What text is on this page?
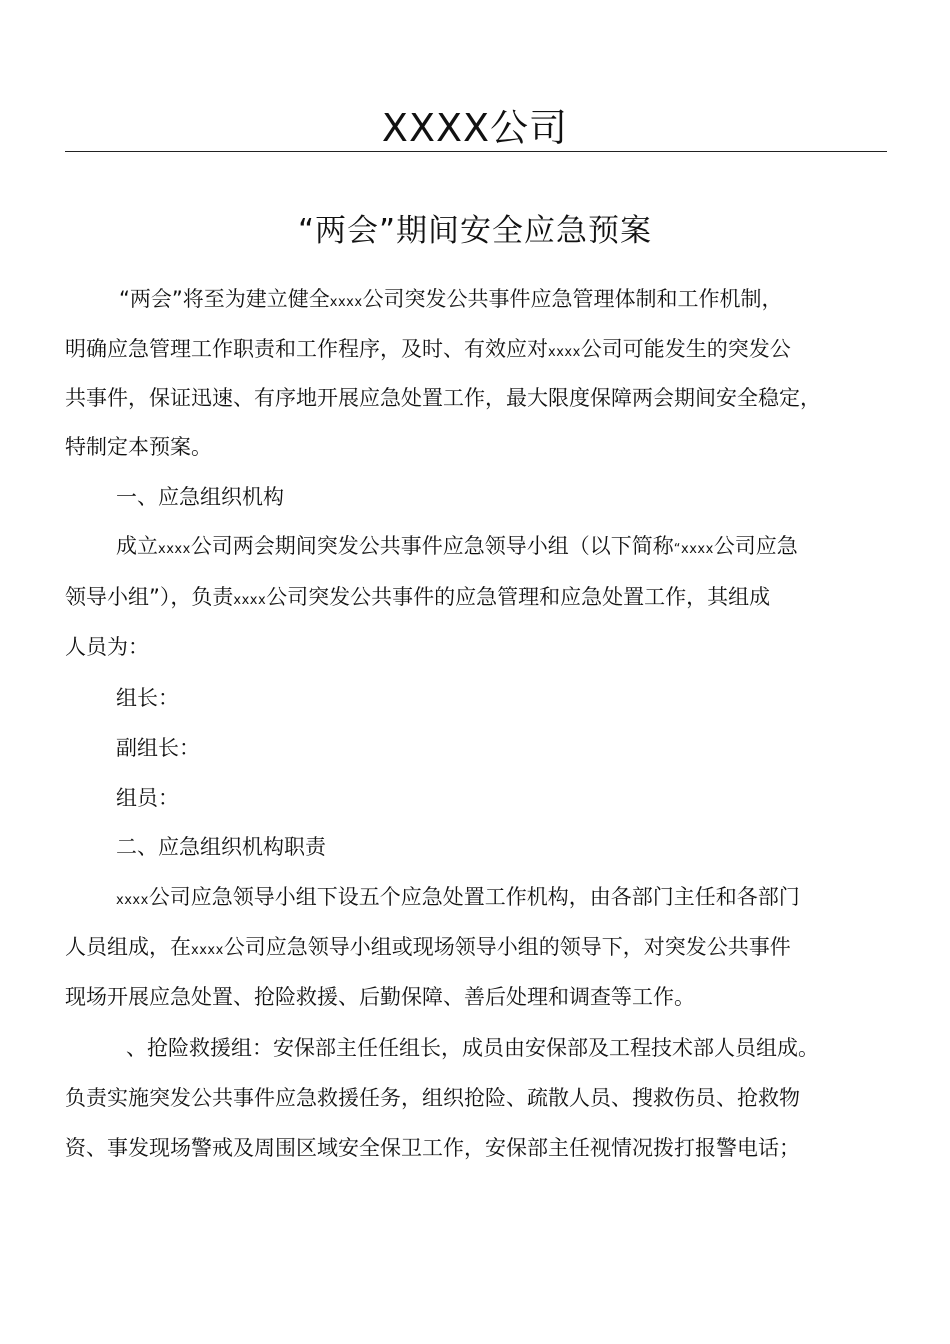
XXXX公司
“两会”期间安全应急预案
“两会”将至为建立健全xxxx公司突发公共事件应急管理体制和工作机制，
明确应急管理工作职责和工作程序，及时、有效应对xxxx公司可能发生的突发公
共事件，保证迅速、有序地开展应急处置工作，最大限度保障两会期间安全稳定，
特制定本预案。
一、应急组织机构
成立xxxx公司两会期间突发公共事件应急领导小组（以下简称“xxxx公司应急
领导小组”），负责xxxx公司突发公共事件的应急管理和应急处置工作，其组成
人员为：
组长：
副组长：
组员：
二、应急组织机构职责
xxxx公司应急领导小组下设五个应急处置工作机构，由各部门主任和各部门
人员组成，在xxxx公司应急领导小组或现场领导小组的领导下，对突发公共事件
现场开展应急处置、抢险救援、后勤保障、善后处理和调查等工作。
、抢险救援组：安保部主任任组长，成员由安保部及工程技术部人员组成。
负责实施突发公共事件应急救援任务，组织抢险、疏散人员、搜救伤员、抢救物
资、事发现场警戒及周围区域安全保卫工作，安保部主任视情况拨打报警电话；
